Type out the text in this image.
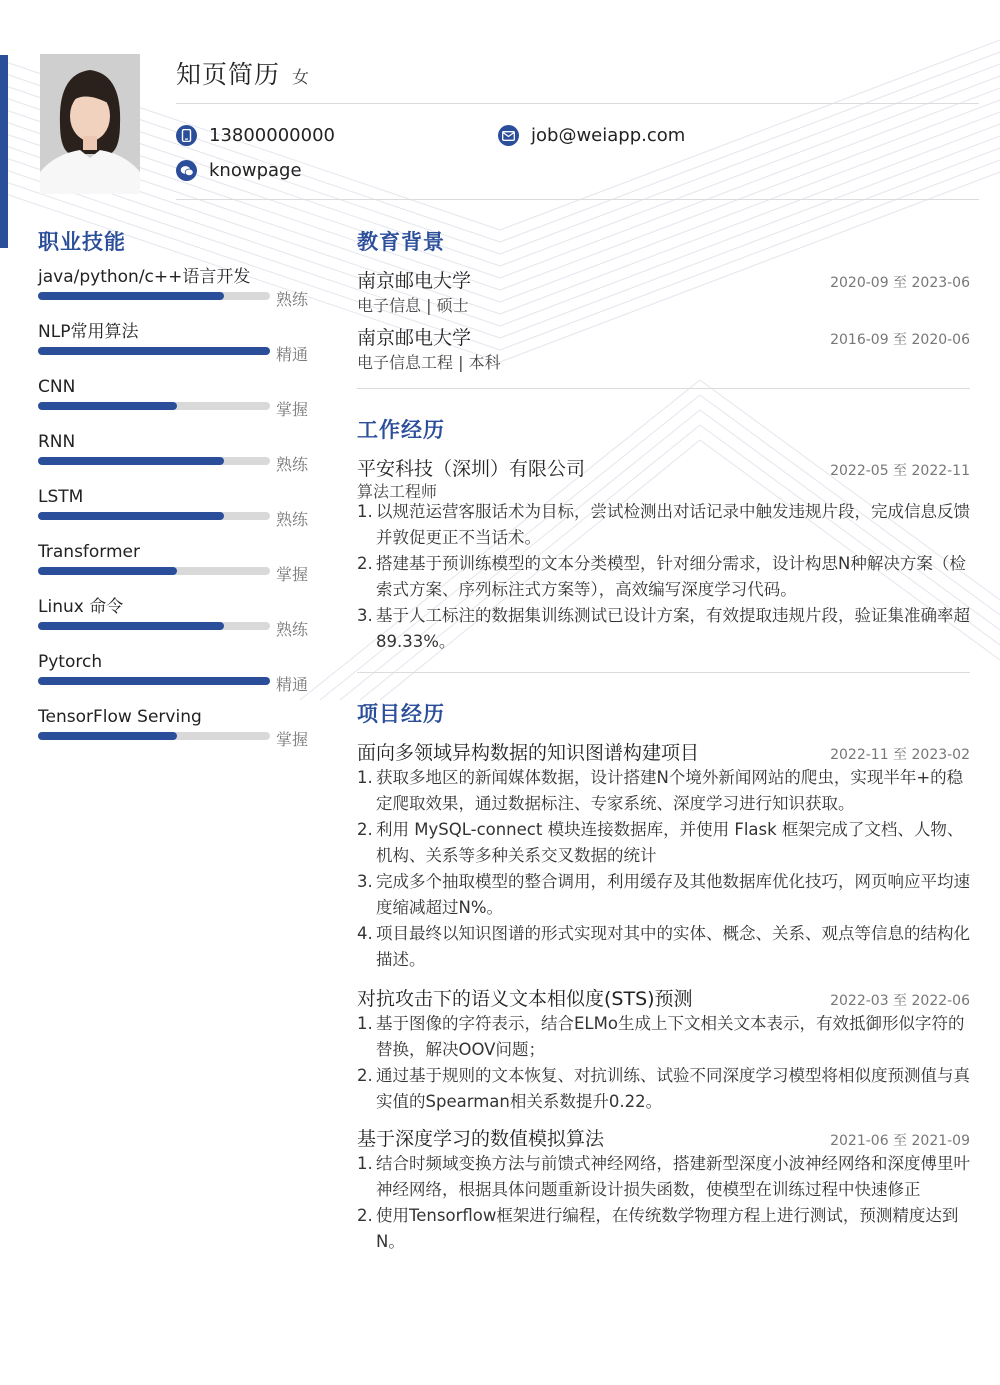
知页简历 女
13800000000	job@weiapp.com
knowpage
职业技能
java/python/c++语言开发
熟练
NLP常用算法
精通
CNN
掌握
RNN
熟练
LSTM
熟练
Transformer
掌握
Linux 命令
熟练
Pytorch
精通
TensorFlow Serving
掌握
教育背景
南京邮电大学	2020-09 至 2023-06
电子信息 | 硕士
南京邮电大学	2016-09 至 2020-06
电子信息工程 | 本科
工作经历
平安科技（深圳）有限公司	2022-05 至 2022-11
算法工程师
1. 以规范运营客服话术为目标，尝试检测出对话记录中触发违规片段，完成信息反馈并敦促更正不当话术。
2. 搭建基于预训练模型的文本分类模型，针对细分需求，设计构思N种解决方案（检索式方案、序列标注式方案等），高效编写深度学习代码。
3. 基于人工标注的数据集训练测试已设计方案，有效提取违规片段，验证集准确率超89.33%。
项目经历
面向多领域异构数据的知识图谱构建项目	2022-11 至 2023-02
1. 获取多地区的新闻媒体数据，设计搭建N个境外新闻网站的爬虫，实现半年+的稳定爬取效果，通过数据标注、专家系统、深度学习进行知识获取。
2. 利用 MySQL-connect 模块连接数据库，并使用 Flask 框架完成了文档、人物、机构、关系等多种关系交叉数据的统计
3. 完成多个抽取模型的整合调用，利用缓存及其他数据库优化技巧，网页响应平均速度缩减超过N%。
4. 项目最终以知识图谱的形式实现对其中的实体、概念、关系、观点等信息的结构化描述。
对抗攻击下的语义文本相似度(STS)预测	2022-03 至 2022-06
1. 基于图像的字符表示，结合ELMo生成上下文相关文本表示，有效抵御形似字符的替换，解决OOV问题；
2. 通过基于规则的文本恢复、对抗训练、试验不同深度学习模型将相似度预测值与真实值的Spearman相关系数提升0.22。
基于深度学习的数值模拟算法	2021-06 至 2021-09
1. 结合时频域变换方法与前馈式神经网络，搭建新型深度小波神经网络和深度傅里叶神经网络，根据具体问题重新设计损失函数，使模型在训练过程中快速修正
2. 使用Tensorflow框架进行编程，在传统数学物理方程上进行测试，预测精度达到N。
